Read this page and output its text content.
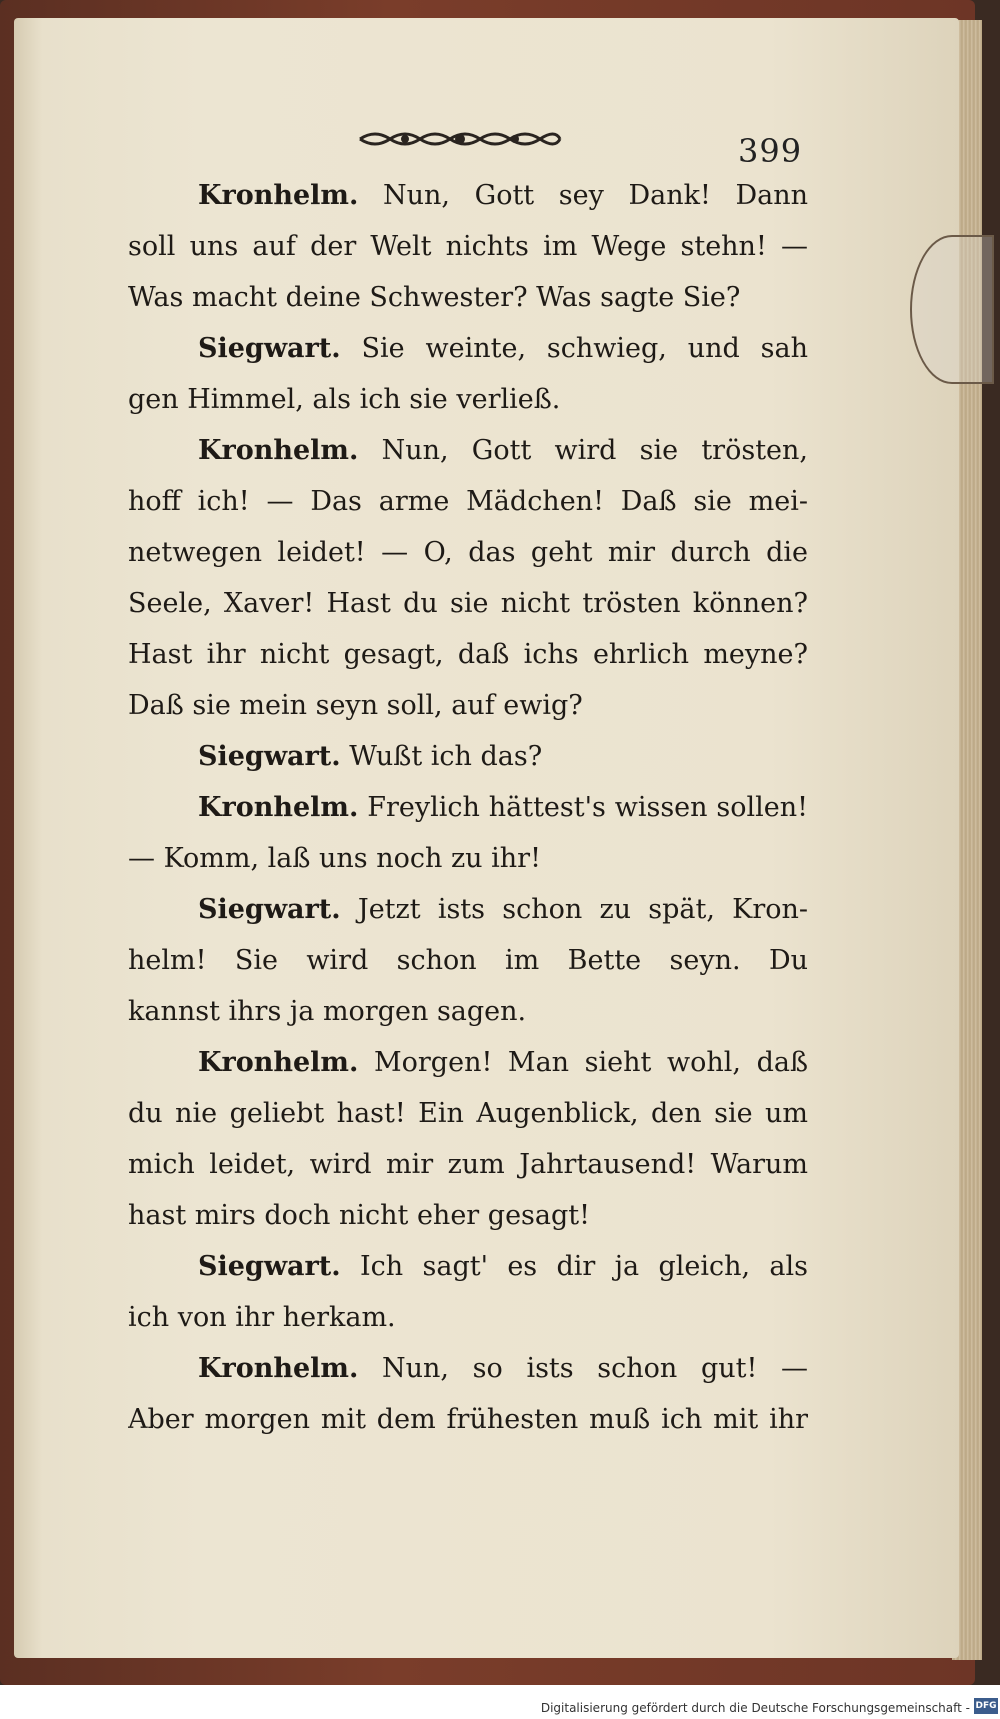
399
Kronhelm. Nun, Gott sey Dank! Dann
soll uns auf der Welt nichts im Wege stehn! —
Was macht deine Schwester? Was sagte Sie?
Siegwart. Sie weinte, schwieg, und sah
gen Himmel, als ich sie verließ.
Kronhelm. Nun, Gott wird sie trösten,
hoff ich! — Das arme Mädchen! Daß sie mei-
netwegen leidet! — O, das geht mir durch die
Seele, Xaver! Hast du sie nicht trösten können?
Hast ihr nicht gesagt, daß ichs ehrlich meyne?
Daß sie mein seyn soll, auf ewig?
Siegwart. Wußt ich das?
Kronhelm. Freylich hättest's wissen sollen!
— Komm, laß uns noch zu ihr!
Siegwart. Jetzt ists schon zu spät, Kron-
helm! Sie wird schon im Bette seyn. Du
kannst ihrs ja morgen sagen.
Kronhelm. Morgen! Man sieht wohl, daß
du nie geliebt hast! Ein Augenblick, den sie um
mich leidet, wird mir zum Jahrtausend! Warum
hast mirs doch nicht eher gesagt!
Siegwart. Ich sagt' es dir ja gleich, als
ich von ihr herkam.
Kronhelm. Nun, so ists schon gut! —
Aber morgen mit dem frühesten muß ich mit ihr
Digitalisierung gefördert durch die Deutsche Forschungsgemeinschaft - DFG
